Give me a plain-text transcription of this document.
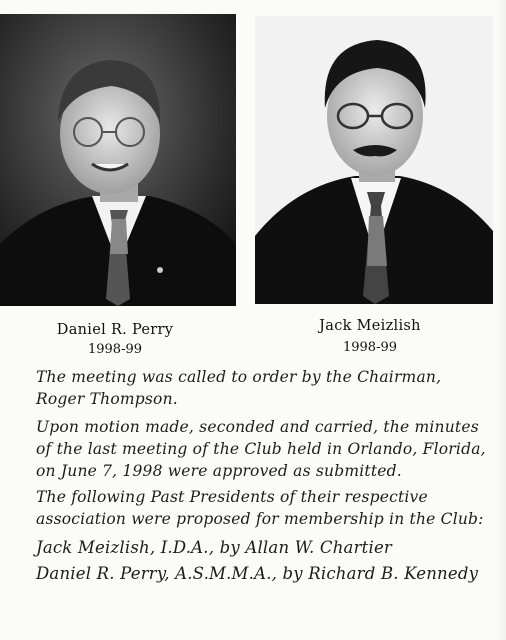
Daniel R. Perry
1998-99
Jack Meizlish
1998-99
The meeting was called to order by the Chairman,
Roger Thompson.
Upon motion made, seconded and carried, the minutes
of the last meeting of the Club held in Orlando, Florida,
on June 7, 1998 were approved as submitted.
The following Past Presidents of their respective
association were proposed for membership in the Club:
Jack Meizlish, I.D.A., by Allan W. Chartier
Daniel R. Perry, A.S.M.M.A., by Richard B. Kennedy
